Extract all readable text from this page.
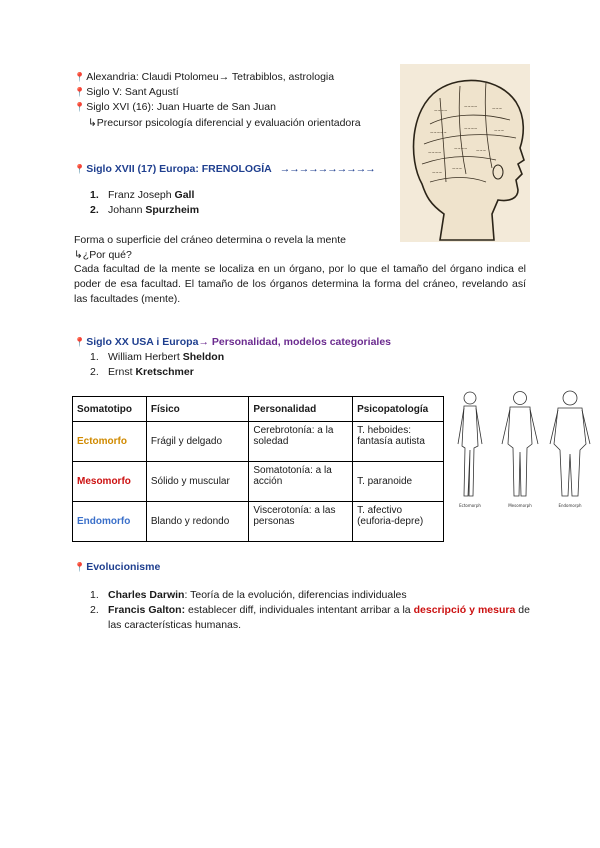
📍Alexandria: Claudi Ptolomeu→ Tetrabiblos, astrologia
📍Siglo V: Sant Agustí
📍Siglo XVI (16): Juan Huarte de San Juan
↳Precursor psicología diferencial y evaluación orientadora
~~~~
~~~~	~~~
~~~~~
~~~~	~~~
~~~~
~~~~ ~~~
~~~
~~~
📍Siglo XVII (17) Europa: FRENOLOGÍA →→→→→→→→→→
1. Franz Joseph Gall
2. Johann Spurzheim
Forma o superficie del cráneo determina o revela la mente
↳¿Por qué?
Cada facultad de la mente se localiza en un órgano, por lo que el tamaño del órgano indica el poder de esa facultad. El tamaño de los órganos determina la forma del cráneo, revelando así las facultades (mente).
📍Siglo XX USA i Europa→ Personalidad, modelos categoriales
1. William Herbert Sheldon
2. Ernst Kretschmer
Somatotipo	Físico	Personalidad	Psicopatología
Ectomorfo	Frágil y delgado	Cerebrotonía: a la soledad	T. heboides: fantasía autista
Mesomorfo	Sólido y muscular	Somatotonía: a la acción	T. paranoide
Endomorfo	Blando y redondo	Viscerotonía: a las personas	T. afectivo (euforia-depre)
Ectomorph	Mesomorph	Endomorph
📍Evolucionisme
1. Charles Darwin: Teoría de la evolución, diferencias individuales
2. Francis Galton: establecer diff, individuales intentant arribar a la descripció y mesura de las características humanas.
